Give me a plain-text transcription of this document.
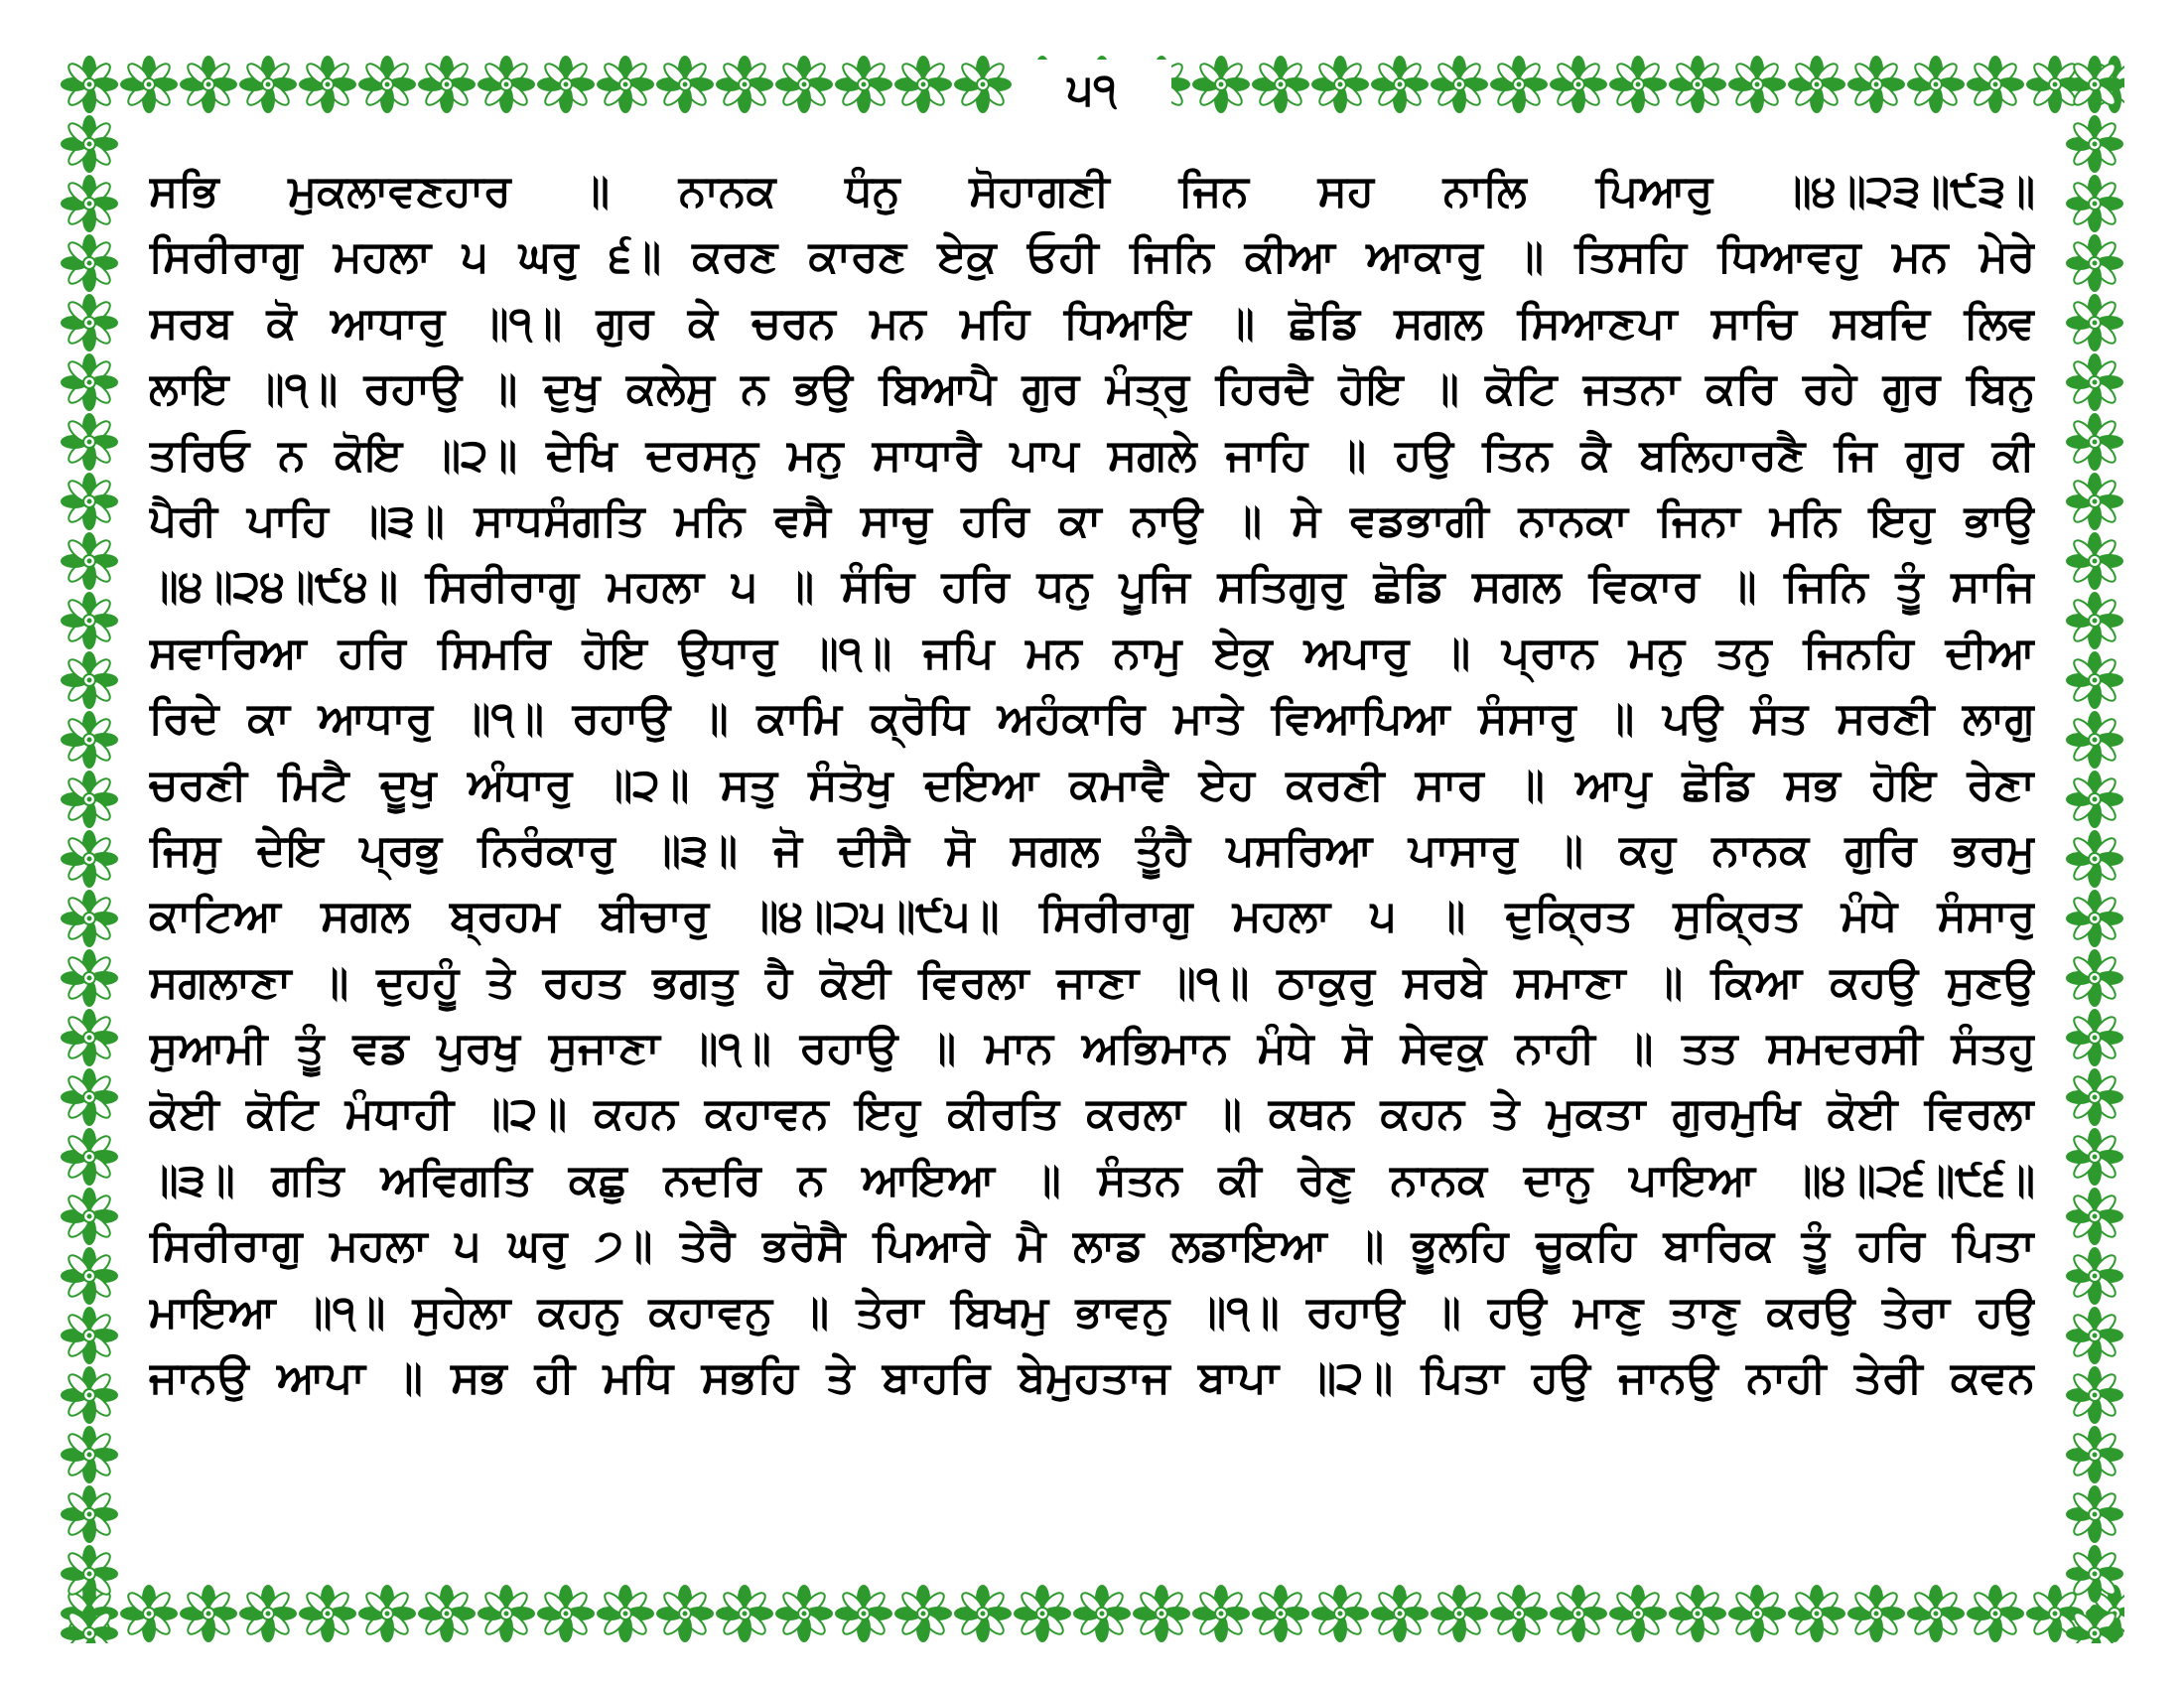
੫੧
ਸਭਿ ਮੁਕਲਾਵਣਹਾਰ ॥ ਨਾਨਕ ਧੰਨੁ ਸੋਹਾਗਣੀ ਜਿਨ ਸਹ ਨਾਲਿ ਪਿਆਰੁ ॥੪॥੨੩॥੯੩॥
ਸਿਰੀਰਾਗੁ ਮਹਲਾ ੫ ਘਰੁ ੬॥ ਕਰਣ ਕਾਰਣ ਏਕੁ ਓਹੀ ਜਿਨਿ ਕੀਆ ਆਕਾਰੁ ॥ ਤਿਸਹਿ ਧਿਆਵਹੁ ਮਨ ਮੇਰੇ
ਸਰਬ ਕੋ ਆਧਾਰੁ ॥੧॥ ਗੁਰ ਕੇ ਚਰਨ ਮਨ ਮਹਿ ਧਿਆਇ ॥ ਛੋਡਿ ਸਗਲ ਸਿਆਣਪਾ ਸਾਚਿ ਸਬਦਿ ਲਿਵ
ਲਾਇ ॥੧॥ ਰਹਾਉ ॥ ਦੁਖੁ ਕਲੇਸੁ ਨ ਭਉ ਬਿਆਪੈ ਗੁਰ ਮੰਤ੍ਰੁ ਹਿਰਦੈ ਹੋਇ ॥ ਕੋਟਿ ਜਤਨਾ ਕਰਿ ਰਹੇ ਗੁਰ ਬਿਨੁ
ਤਰਿਓ ਨ ਕੋਇ ॥੨॥ ਦੇਖਿ ਦਰਸਨੁ ਮਨੁ ਸਾਧਾਰੈ ਪਾਪ ਸਗਲੇ ਜਾਹਿ ॥ ਹਉ ਤਿਨ ਕੈ ਬਲਿਹਾਰਣੈ ਜਿ ਗੁਰ ਕੀ
ਪੈਰੀ ਪਾਹਿ ॥੩॥ ਸਾਧਸੰਗਤਿ ਮਨਿ ਵਸੈ ਸਾਚੁ ਹਰਿ ਕਾ ਨਾਉ ॥ ਸੇ ਵਡਭਾਗੀ ਨਾਨਕਾ ਜਿਨਾ ਮਨਿ ਇਹੁ ਭਾਉ
॥੪॥੨੪॥੯੪॥ ਸਿਰੀਰਾਗੁ ਮਹਲਾ ੫ ॥ ਸੰਚਿ ਹਰਿ ਧਨੁ ਪੂਜਿ ਸਤਿਗੁਰੁ ਛੋਡਿ ਸਗਲ ਵਿਕਾਰ ॥ ਜਿਨਿ ਤੂੰ ਸਾਜਿ
ਸਵਾਰਿਆ ਹਰਿ ਸਿਮਰਿ ਹੋਇ ਉਧਾਰੁ ॥੧॥ ਜਪਿ ਮਨ ਨਾਮੁ ਏਕੁ ਅਪਾਰੁ ॥ ਪ੍ਰਾਨ ਮਨੁ ਤਨੁ ਜਿਨਹਿ ਦੀਆ
ਰਿਦੇ ਕਾ ਆਧਾਰੁ ॥੧॥ ਰਹਾਉ ॥ ਕਾਮਿ ਕ੍ਰੋਧਿ ਅਹੰਕਾਰਿ ਮਾਤੇ ਵਿਆਪਿਆ ਸੰਸਾਰੁ ॥ ਪਉ ਸੰਤ ਸਰਣੀ ਲਾਗੁ
ਚਰਣੀ ਮਿਟੈ ਦੂਖੁ ਅੰਧਾਰੁ ॥੨॥ ਸਤੁ ਸੰਤੋਖੁ ਦਇਆ ਕਮਾਵੈ ਏਹ ਕਰਣੀ ਸਾਰ ॥ ਆਪੁ ਛੋਡਿ ਸਭ ਹੋਇ ਰੇਣਾ
ਜਿਸੁ ਦੇਇ ਪ੍ਰਭੁ ਨਿਰੰਕਾਰੁ ॥੩॥ ਜੋ ਦੀਸੈ ਸੋ ਸਗਲ ਤੂੰਹੈ ਪਸਰਿਆ ਪਾਸਾਰੁ ॥ ਕਹੁ ਨਾਨਕ ਗੁਰਿ ਭਰਮੁ
ਕਾਟਿਆ ਸਗਲ ਬ੍ਰਹਮ ਬੀਚਾਰੁ ॥੪॥੨੫॥੯੫॥ ਸਿਰੀਰਾਗੁ ਮਹਲਾ ੫ ॥ ਦੁਕ੍ਰਿਤ ਸੁਕ੍ਰਿਤ ਮੰਧੇ ਸੰਸਾਰੁ
ਸਗਲਾਣਾ ॥ ਦੁਹਹੂੰ ਤੇ ਰਹਤ ਭਗਤੁ ਹੈ ਕੋਈ ਵਿਰਲਾ ਜਾਣਾ ॥੧॥ ਠਾਕੁਰੁ ਸਰਬੇ ਸਮਾਣਾ ॥ ਕਿਆ ਕਹਉ ਸੁਣਉ
ਸੁਆਮੀ ਤੂੰ ਵਡ ਪੁਰਖੁ ਸੁਜਾਣਾ ॥੧॥ ਰਹਾਉ ॥ ਮਾਨ ਅਭਿਮਾਨ ਮੰਧੇ ਸੋ ਸੇਵਕੁ ਨਾਹੀ ॥ ਤਤ ਸਮਦਰਸੀ ਸੰਤਹੁ
ਕੋਈ ਕੋਟਿ ਮੰਧਾਹੀ ॥੨॥ ਕਹਨ ਕਹਾਵਨ ਇਹੁ ਕੀਰਤਿ ਕਰਲਾ ॥ ਕਥਨ ਕਹਨ ਤੇ ਮੁਕਤਾ ਗੁਰਮੁਖਿ ਕੋਈ ਵਿਰਲਾ
॥੩॥ ਗਤਿ ਅਵਿਗਤਿ ਕਛੁ ਨਦਰਿ ਨ ਆਇਆ ॥ ਸੰਤਨ ਕੀ ਰੇਣੁ ਨਾਨਕ ਦਾਨੁ ਪਾਇਆ ॥੪॥੨੬॥੯੬॥
ਸਿਰੀਰਾਗੁ ਮਹਲਾ ੫ ਘਰੁ ੭॥ ਤੇਰੈ ਭਰੋਸੈ ਪਿਆਰੇ ਮੈ ਲਾਡ ਲਡਾਇਆ ॥ ਭੂਲਹਿ ਚੂਕਹਿ ਬਾਰਿਕ ਤੂੰ ਹਰਿ ਪਿਤਾ
ਮਾਇਆ ॥੧॥ ਸੁਹੇਲਾ ਕਹਨੁ ਕਹਾਵਨੁ ॥ ਤੇਰਾ ਬਿਖਮੁ ਭਾਵਨੁ ॥੧॥ ਰਹਾਉ ॥ ਹਉ ਮਾਣੁ ਤਾਣੁ ਕਰਉ ਤੇਰਾ ਹਉ
ਜਾਨਉ ਆਪਾ ॥ ਸਭ ਹੀ ਮਧਿ ਸਭਹਿ ਤੇ ਬਾਹਰਿ ਬੇਮੁਹਤਾਜ ਬਾਪਾ ॥੨॥ ਪਿਤਾ ਹਉ ਜਾਨਉ ਨਾਹੀ ਤੇਰੀ ਕਵਨ
